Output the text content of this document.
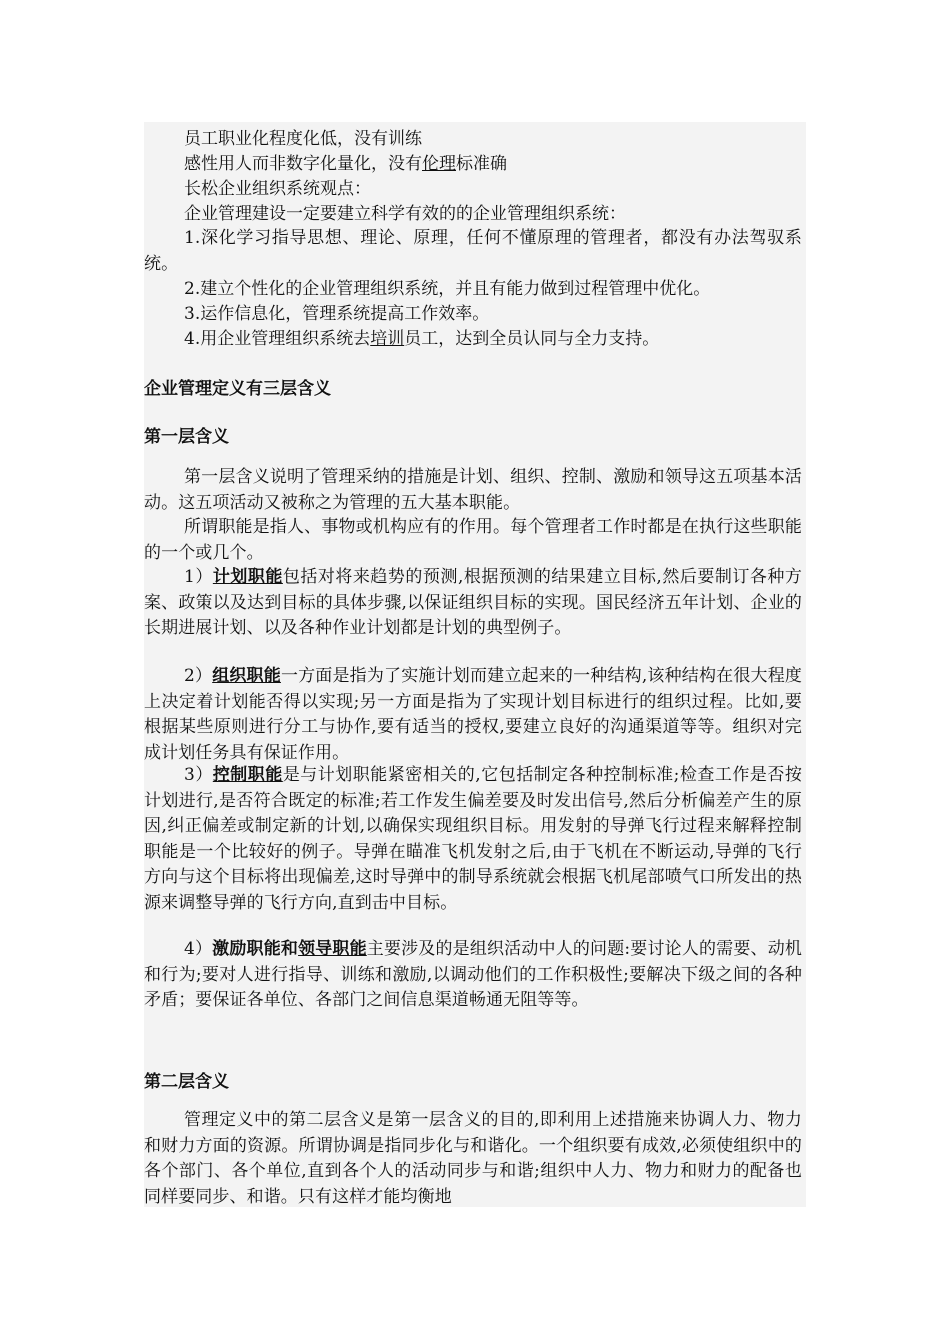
员工职业化程度化低，没有训练
感性用人而非数字化量化，没有伦理标准确
长松企业组织系统观点：
企业管理建设一定要建立科学有效的的企业管理组织系统：
1.深化学习指导思想、理论、原理，任何不懂原理的管理者，都没有办法驾驭系统。
2.建立个性化的企业管理组织系统，并且有能力做到过程管理中优化。
3.运作信息化，管理系统提高工作效率。
4.用企业管理组织系统去培训员工，达到全员认同与全力支持。
企业管理定义有三层含义
第一层含义
第一层含义说明了管理采纳的措施是计划、组织、控制、激励和领导这五项基本活动。这五项活动又被称之为管理的五大基本职能。
所谓职能是指人、事物或机构应有的作用。每个管理者工作时都是在执行这些职能的一个或几个。
1）计划职能包括对将来趋势的预测,根据预测的结果建立目标,然后要制订各种方案、政策以及达到目标的具体步骤,以保证组织目标的实现。国民经济五年计划、企业的长期进展计划、以及各种作业计划都是计划的典型例子。
2）组织职能一方面是指为了实施计划而建立起来的一种结构,该种结构在很大程度上决定着计划能否得以实现;另一方面是指为了实现计划目标进行的组织过程。比如,要根据某些原则进行分工与协作,要有适当的授权,要建立良好的沟通渠道等等。组织对完成计划任务具有保证作用。
3）控制职能是与计划职能紧密相关的,它包括制定各种控制标准;检查工作是否按计划进行,是否符合既定的标准;若工作发生偏差要及时发出信号,然后分析偏差产生的原因,纠正偏差或制定新的计划,以确保实现组织目标。用发射的导弹飞行过程来解释控制职能是一个比较好的例子。导弹在瞄准飞机发射之后,由于飞机在不断运动,导弹的飞行方向与这个目标将出现偏差,这时导弹中的制导系统就会根据飞机尾部喷气口所发出的热源来调整导弹的飞行方向,直到击中目标。
4）激励职能和领导职能主要涉及的是组织活动中人的问题:要讨论人的需要、动机和行为;要对人进行指导、训练和激励,以调动他们的工作积极性;要解决下级之间的各种矛盾；要保证各单位、各部门之间信息渠道畅通无阻等等。
第二层含义
管理定义中的第二层含义是第一层含义的目的,即利用上述措施来协调人力、物力和财力方面的资源。所谓协调是指同步化与和谐化。一个组织要有成效,必须使组织中的各个部门、各个单位,直到各个人的活动同步与和谐;组织中人力、物力和财力的配备也同样要同步、和谐。只有这样才能均衡地
